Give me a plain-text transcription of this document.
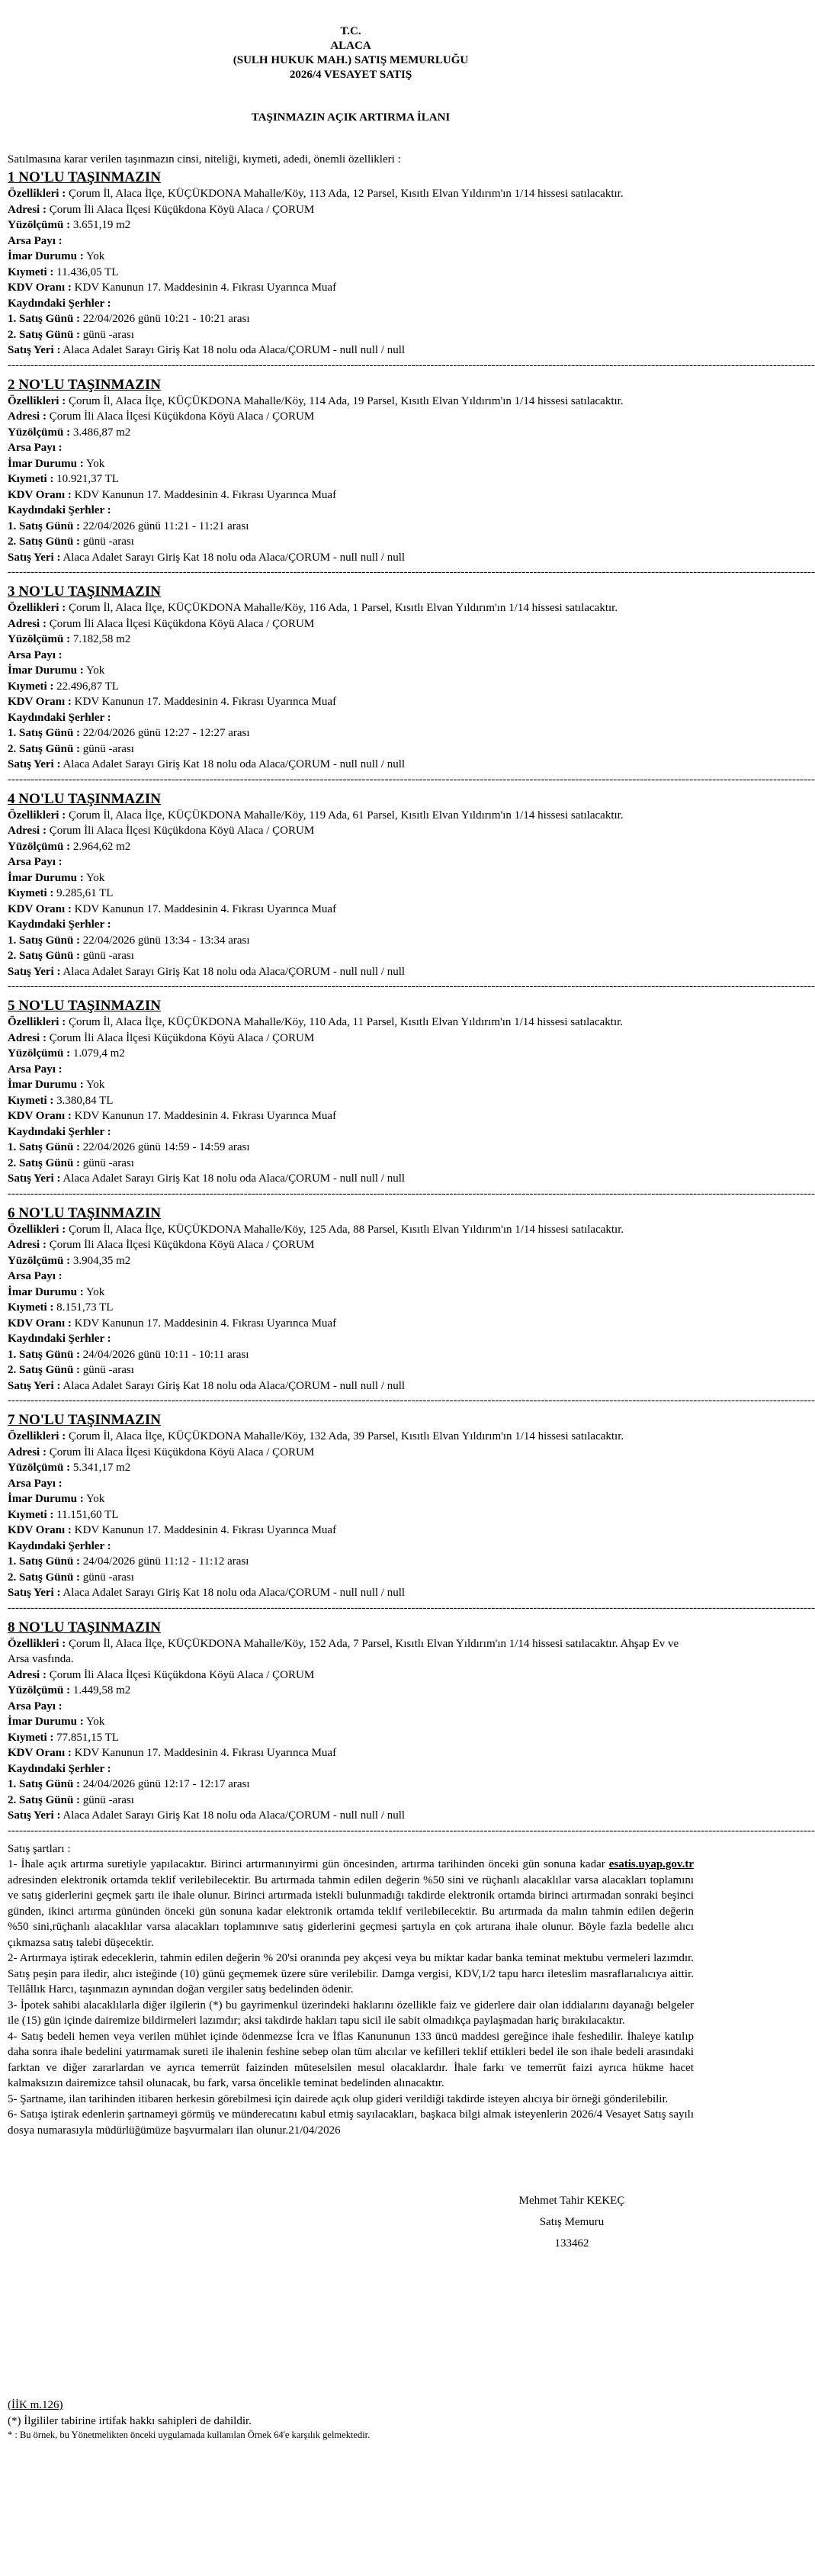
T.C.
ALACA
(SULH HUKUK MAH.) SATIŞ MEMURLUĞU
2026/4 VESAYET SATIŞ
TAŞINMAZIN AÇIK ARTIRMA İLANI
Satılmasına karar verilen taşınmazın cinsi, niteliği, kıymeti, adedi, önemli özellikleri :
1 NO'LU TAŞINMAZIN
Özellikleri : Çorum İl, Alaca İlçe, KÜÇÜKDONA Mahalle/Köy, 113 Ada, 12 Parsel, Kısıtlı Elvan Yıldırım'ın 1/14 hissesi satılacaktır.
Adresi : Çorum İli Alaca İlçesi Küçükdona Köyü Alaca / ÇORUM
Yüzölçümü : 3.651,19 m2
Arsa Payı :
İmar Durumu : Yok
Kıymeti : 11.436,05 TL
KDV Oranı : KDV Kanunun 17. Maddesinin 4. Fıkrası Uyarınca Muaf
Kaydındaki Şerhler :
1. Satış Günü : 22/04/2026 günü 10:21 - 10:21 arası
2. Satış Günü : günü -arası
Satış Yeri : Alaca Adalet Sarayı Giriş Kat 18 nolu oda Alaca/ÇORUM - null null / null
--------------------------------------------------------------------------------------------------------------------------------------------------------------------------------------------------------------------
2 NO'LU TAŞINMAZIN
Özellikleri : Çorum İl, Alaca İlçe, KÜÇÜKDONA Mahalle/Köy, 114 Ada, 19 Parsel, Kısıtlı Elvan Yıldırım'ın 1/14 hissesi satılacaktır.
Adresi : Çorum İli Alaca İlçesi Küçükdona Köyü Alaca / ÇORUM
Yüzölçümü : 3.486,87 m2
Arsa Payı :
İmar Durumu : Yok
Kıymeti : 10.921,37 TL
KDV Oranı : KDV Kanunun 17. Maddesinin 4. Fıkrası Uyarınca Muaf
Kaydındaki Şerhler :
1. Satış Günü : 22/04/2026 günü 11:21 - 11:21 arası
2. Satış Günü : günü -arası
Satış Yeri : Alaca Adalet Sarayı Giriş Kat 18 nolu oda Alaca/ÇORUM - null null / null
--------------------------------------------------------------------------------------------------------------------------------------------------------------------------------------------------------------------
3 NO'LU TAŞINMAZIN
Özellikleri : Çorum İl, Alaca İlçe, KÜÇÜKDONA Mahalle/Köy, 116 Ada, 1 Parsel, Kısıtlı Elvan Yıldırım'ın 1/14 hissesi satılacaktır.
Adresi : Çorum İli Alaca İlçesi Küçükdona Köyü Alaca / ÇORUM
Yüzölçümü : 7.182,58 m2
Arsa Payı :
İmar Durumu : Yok
Kıymeti : 22.496,87 TL
KDV Oranı : KDV Kanunun 17. Maddesinin 4. Fıkrası Uyarınca Muaf
Kaydındaki Şerhler :
1. Satış Günü : 22/04/2026 günü 12:27 - 12:27 arası
2. Satış Günü : günü -arası
Satış Yeri : Alaca Adalet Sarayı Giriş Kat 18 nolu oda Alaca/ÇORUM - null null / null
--------------------------------------------------------------------------------------------------------------------------------------------------------------------------------------------------------------------
4 NO'LU TAŞINMAZIN
Özellikleri : Çorum İl, Alaca İlçe, KÜÇÜKDONA Mahalle/Köy, 119 Ada, 61 Parsel, Kısıtlı Elvan Yıldırım'ın 1/14 hissesi satılacaktır.
Adresi : Çorum İli Alaca İlçesi Küçükdona Köyü Alaca / ÇORUM
Yüzölçümü : 2.964,62 m2
Arsa Payı :
İmar Durumu : Yok
Kıymeti : 9.285,61 TL
KDV Oranı : KDV Kanunun 17. Maddesinin 4. Fıkrası Uyarınca Muaf
Kaydındaki Şerhler :
1. Satış Günü : 22/04/2026 günü 13:34 - 13:34 arası
2. Satış Günü : günü -arası
Satış Yeri : Alaca Adalet Sarayı Giriş Kat 18 nolu oda Alaca/ÇORUM - null null / null
--------------------------------------------------------------------------------------------------------------------------------------------------------------------------------------------------------------------
5 NO'LU TAŞINMAZIN
Özellikleri : Çorum İl, Alaca İlçe, KÜÇÜKDONA Mahalle/Köy, 110 Ada, 11 Parsel, Kısıtlı Elvan Yıldırım'ın 1/14 hissesi satılacaktır.
Adresi : Çorum İli Alaca İlçesi Küçükdona Köyü Alaca / ÇORUM
Yüzölçümü : 1.079,4 m2
Arsa Payı :
İmar Durumu : Yok
Kıymeti : 3.380,84 TL
KDV Oranı : KDV Kanunun 17. Maddesinin 4. Fıkrası Uyarınca Muaf
Kaydındaki Şerhler :
1. Satış Günü : 22/04/2026 günü 14:59 - 14:59 arası
2. Satış Günü : günü -arası
Satış Yeri : Alaca Adalet Sarayı Giriş Kat 18 nolu oda Alaca/ÇORUM - null null / null
--------------------------------------------------------------------------------------------------------------------------------------------------------------------------------------------------------------------
6 NO'LU TAŞINMAZIN
Özellikleri : Çorum İl, Alaca İlçe, KÜÇÜKDONA Mahalle/Köy, 125 Ada, 88 Parsel, Kısıtlı Elvan Yıldırım'ın 1/14 hissesi satılacaktır.
Adresi : Çorum İli Alaca İlçesi Küçükdona Köyü Alaca / ÇORUM
Yüzölçümü : 3.904,35 m2
Arsa Payı :
İmar Durumu : Yok
Kıymeti : 8.151,73 TL
KDV Oranı : KDV Kanunun 17. Maddesinin 4. Fıkrası Uyarınca Muaf
Kaydındaki Şerhler :
1. Satış Günü : 24/04/2026 günü 10:11 - 10:11 arası
2. Satış Günü : günü -arası
Satış Yeri : Alaca Adalet Sarayı Giriş Kat 18 nolu oda Alaca/ÇORUM - null null / null
--------------------------------------------------------------------------------------------------------------------------------------------------------------------------------------------------------------------
7 NO'LU TAŞINMAZIN
Özellikleri : Çorum İl, Alaca İlçe, KÜÇÜKDONA Mahalle/Köy, 132 Ada, 39 Parsel, Kısıtlı Elvan Yıldırım'ın 1/14 hissesi satılacaktır.
Adresi : Çorum İli Alaca İlçesi Küçükdona Köyü Alaca / ÇORUM
Yüzölçümü : 5.341,17 m2
Arsa Payı :
İmar Durumu : Yok
Kıymeti : 11.151,60 TL
KDV Oranı : KDV Kanunun 17. Maddesinin 4. Fıkrası Uyarınca Muaf
Kaydındaki Şerhler :
1. Satış Günü : 24/04/2026 günü 11:12 - 11:12 arası
2. Satış Günü : günü -arası
Satış Yeri : Alaca Adalet Sarayı Giriş Kat 18 nolu oda Alaca/ÇORUM - null null / null
--------------------------------------------------------------------------------------------------------------------------------------------------------------------------------------------------------------------
8 NO'LU TAŞINMAZIN
Özellikleri : Çorum İl, Alaca İlçe, KÜÇÜKDONA Mahalle/Köy, 152 Ada, 7 Parsel, Kısıtlı Elvan Yıldırım'ın 1/14 hissesi satılacaktır. Ahşap Ev ve Arsa vasfında.
Adresi : Çorum İli Alaca İlçesi Küçükdona Köyü Alaca / ÇORUM
Yüzölçümü : 1.449,58 m2
Arsa Payı :
İmar Durumu : Yok
Kıymeti : 77.851,15 TL
KDV Oranı : KDV Kanunun 17. Maddesinin 4. Fıkrası Uyarınca Muaf
Kaydındaki Şerhler :
1. Satış Günü : 24/04/2026 günü 12:17 - 12:17 arası
2. Satış Günü : günü -arası
Satış Yeri : Alaca Adalet Sarayı Giriş Kat 18 nolu oda Alaca/ÇORUM - null null / null
--------------------------------------------------------------------------------------------------------------------------------------------------------------------------------------------------------------------
Satış şartları :
1- İhale açık artırma suretiyle yapılacaktır. Birinci artırmanınyirmi gün öncesinden, artırma tarihinden önceki gün sonuna kadar esatis.uyap.gov.tr adresinden elektronik ortamda teklif verilebilecektir. Bu artırmada tahmin edilen değerin %50 sini ve rüçhanlı alacaklılar varsa alacakları toplamını ve satış giderlerini geçmek şartı ile ihale olunur. Birinci artırmada istekli bulunmadığı takdirde elektronik ortamda birinci artırmadan sonraki beşinci günden, ikinci artırma gününden önceki gün sonuna kadar elektronik ortamda teklif verilebilecektir. Bu artırmada da malın tahmin edilen değerin %50 sini,rüçhanlı alacaklılar varsa alacakları toplamınıve satış giderlerini geçmesi şartıyla en çok artırana ihale olunur. Böyle fazla bedelle alıcı çıkmazsa satış talebi düşecektir.
2- Artırmaya iştirak edeceklerin, tahmin edilen değerin % 20'si oranında pey akçesi veya bu miktar kadar banka teminat mektubu vermeleri lazımdır. Satış peşin para iledir, alıcı isteğinde (10) günü geçmemek üzere süre verilebilir. Damga vergisi, KDV,1/2 tapu harcı ileteslim masraflarıalıcıya aittir. Tellâllık Harcı, taşınmazın aynından doğan vergiler satış bedelinden ödenir.
3- İpotek sahibi alacaklılarla diğer ilgilerin (*) bu gayrimenkul üzerindeki haklarını özellikle faiz ve giderlere dair olan iddialarını dayanağı belgeler ile (15) gün içinde dairemize bildirmeleri lazımdır; aksi takdirde hakları tapu sicil ile sabit olmadıkça paylaşmadan hariç bırakılacaktır.
4- Satış bedeli hemen veya verilen mühlet içinde ödenmezse İcra ve İflas Kanununun 133 üncü maddesi gereğince ihale feshedilir. İhaleye katılıp daha sonra ihale bedelini yatırmamak sureti ile ihalenin feshine sebep olan tüm alıcılar ve kefilleri teklif ettikleri bedel ile son ihale bedeli arasındaki farktan ve diğer zararlardan ve ayrıca temerrüt faizinden müteselsilen mesul olacaklardır. İhale farkı ve temerrüt faizi ayrıca hükme hacet kalmaksızın dairemizce tahsil olunacak, bu fark, varsa öncelikle teminat bedelinden alınacaktır.
5- Şartname, ilan tarihinden itibaren herkesin görebilmesi için dairede açık olup gideri verildiği takdirde isteyen alıcıya bir örneği gönderilebilir.
6- Satışa iştirak edenlerin şartnameyi görmüş ve münderecatını kabul etmiş sayılacakları, başkaca bilgi almak isteyenlerin 2026/4 Vesayet Satış sayılı dosya numarasıyla müdürlüğümüze başvurmaları ilan olunur.21/04/2026
Mehmet Tahir KEKEÇ
Satış Memuru
133462
(İİK m.126)
(*) İlgililer tabirine irtifak hakkı sahipleri de dahildir.
* : Bu örnek, bu Yönetmelikten önceki uygulamada kullanılan Örnek 64'e karşılık gelmektedir.
